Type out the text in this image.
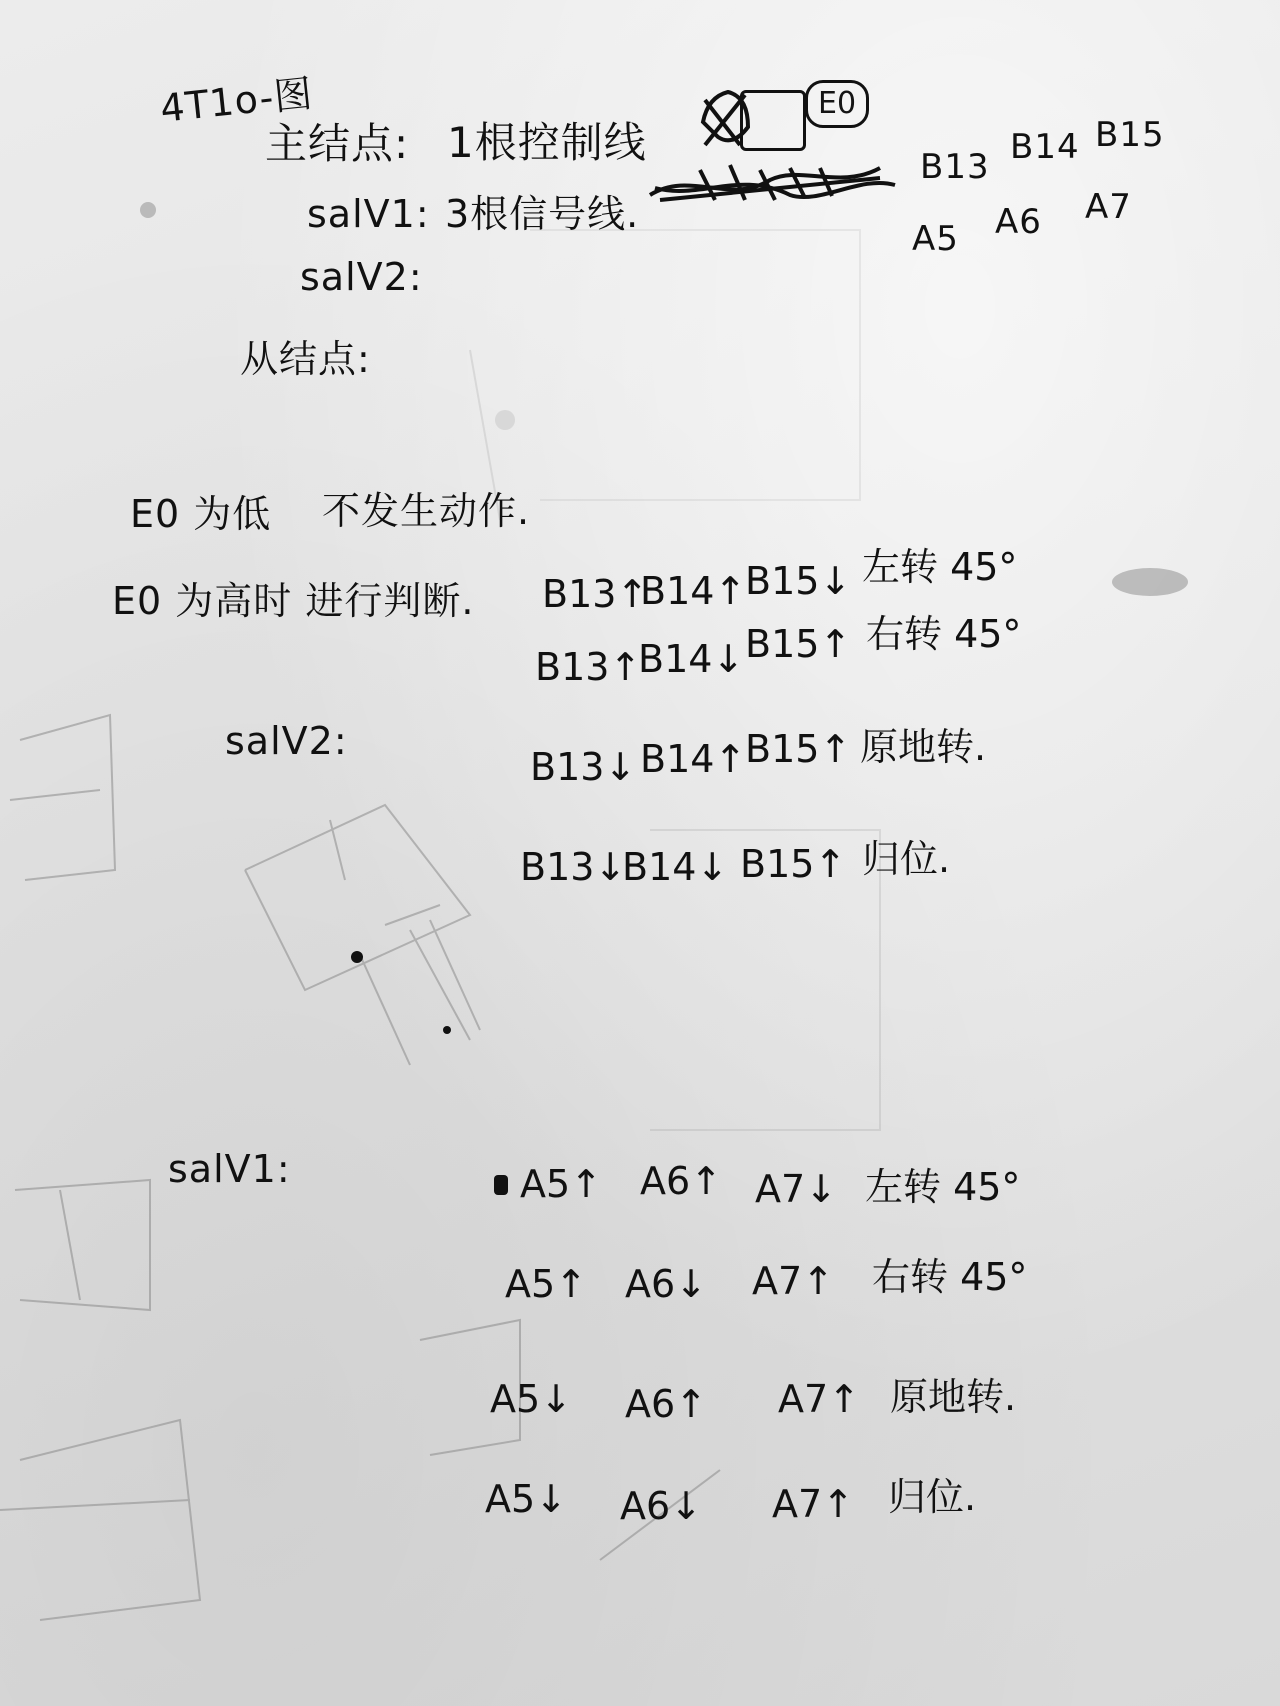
4T1o-图
主结点: 1根控制线
E0
salV1: 3根信号线.
B13 B14 B15
salV2:
A5 A6 A7
从结点:
E0 为低 不发生动作.
E0 为高时 进行判断. B13↑
B14↑
B15↓ 左转 45°
B13↑
B14↓ B15↑ 右转 45°
salV2:
B13↓ B14↑
B15↑ 原地转.
B13↓
B14↓ B15↑ 归位.
salV1:	A5↑ A6↑ A7↓ 左转 45°
A5↑ A6↓ A7↑ 右转 45°
A5↓ A6↑ A7↑ 原地转.
A5↓ A6↓ A7↑ 归位.
